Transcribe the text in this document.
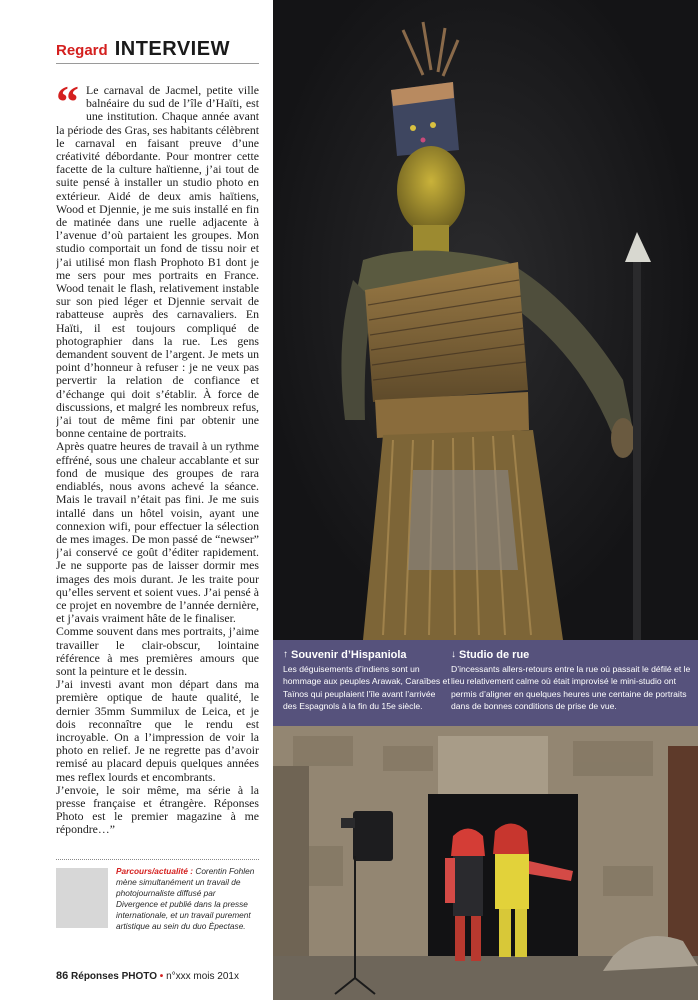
Regard INTERVIEW
“ Le carnaval de Jacmel, petite ville balnéaire du sud de l’île d’Haïti, est une institution. Chaque année avant la période des Gras, ses habitants célèbrent le carnaval en faisant preuve d’une créativité débordante. Pour montrer cette facette de la culture haïtienne, j’ai tout de suite pensé à installer un studio photo en extérieur. Aidé de deux amis haïtiens, Wood et Djennie, je me suis installé en fin de matinée dans une ruelle adjacente à l’avenue d’où partaient les groupes. Mon studio comportait un fond de tissu noir et j’ai utilisé mon flash Prophoto B1 dont je me sers pour mes portraits en France. Wood tenait le flash, relativement instable sur son pied léger et Djennie servait de rabatteuse auprès des carnavaliers. En Haïti, il est toujours compliqué de photographier dans la rue. Les gens demandent souvent de l’argent. Je mets un point d’honneur à refuser : je ne veux pas pervertir la relation de confiance et d’échange qui doit s’établir. À force de discussions, et malgré les nombreux refus, j’ai tout de même fini par obtenir une bonne centaine de portraits.

Après quatre heures de travail à un rythme effréné, sous une chaleur accablante et sur fond de musique des groupes de rara endiablés, nous avons achevé la séance. Mais le travail n’était pas fini. Je me suis intallé dans un hôtel voisin, ayant une connexion wifi, pour effectuer la sélection de mes images. De mon passé de “newser” j’ai conservé ce goût d’éditer rapidement. Je ne supporte pas de laisser dormir mes images des mois durant. Je les traite pour qu’elles servent et soient vues. J’ai pensé à ce projet en novembre de l’année dernière, et j’avais vraiment hâte de le finaliser.

Comme souvent dans mes portraits, j’aime travailler le clair-obscur, lointaine référence à mes premières amours que sont la peinture et le dessin.

J’ai investi avant mon départ dans ma première optique de haute qualité, le dernier 35mm Summilux de Leica, et je dois reconnaître que le rendu est incroyable. On a l’impression de voir la photo en relief. Je ne regrette pas d’avoir remisé au placard depuis quelques années mes reflex lourds et encombrants.

J’envoie, le soir même, ma série à la presse française et étrangère. Réponses Photo est le premier magazine à me répondre…”

Parcours/actualité : Corentin Fohlen mène simultanément un travail de photojournaliste diffusé par Divergence et publié dans la presse internationale, et un travail purement artistique au sein du duo Èpectase.
86 Réponses PHOTO • n°xxx mois 201x
↑ Souvenir d’Hispaniola
Les déguisements d’indiens sont un hommage aux peuples Arawak, Caraïbes et Taïnos qui peuplaient l’île avant l’arrivée des Espagnols à la fin du 15e siècle.
↓ Studio de rue
D’incessants allers-retours entre la rue où passait le défilé et le lieu relativement calme où était improvisé le mini-studio ont permis d’aligner en quelques heures une centaine de portraits dans de bonnes conditions de prise de vue.
